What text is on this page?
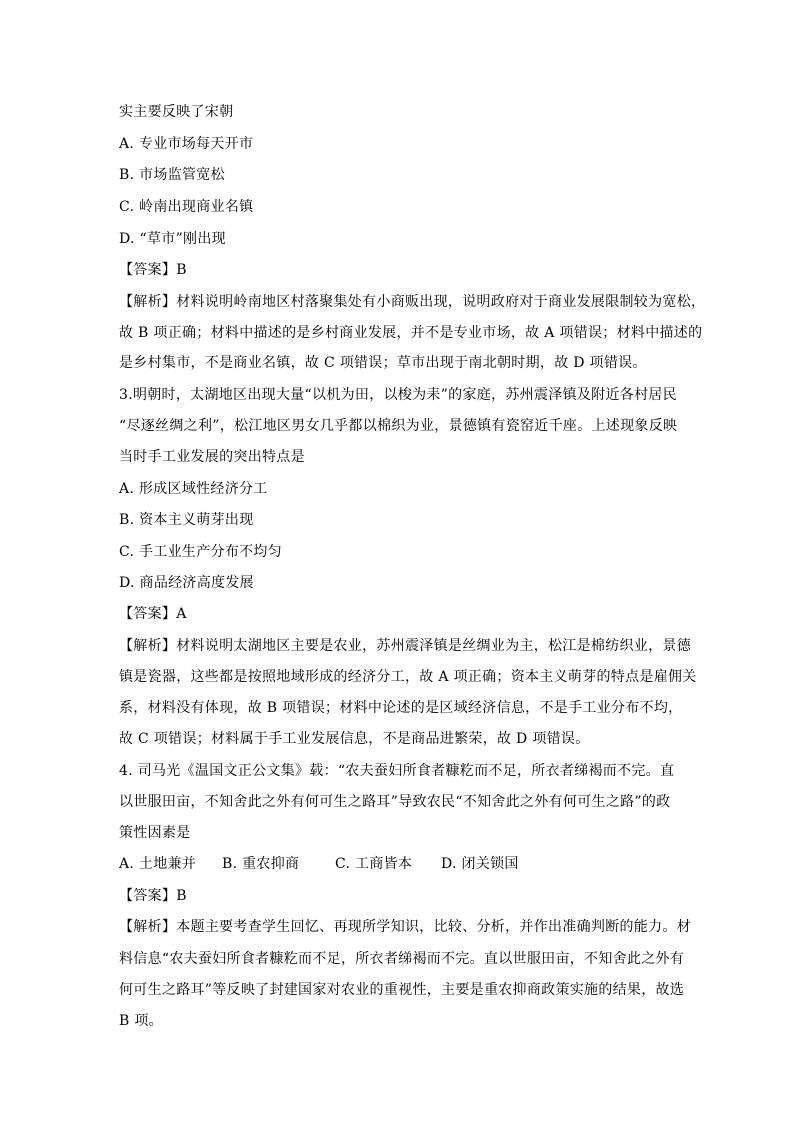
实主要反映了宋朝
A. 专业市场每天开市
B. 市场监管宽松
C. 岭南出现商业名镇
D. “草市”刚出现
【答案】B
【解析】材料说明岭南地区村落聚集处有小商贩出现，说明政府对于商业发展限制较为宽松，
故 B 项正确；材料中描述的是乡村商业发展，并不是专业市场，故 A 项错误；材料中描述的
是乡村集市，不是商业名镇，故 C 项错误；草市出现于南北朝时期，故 D 项错误。
3.明朝时，太湖地区出现大量“以机为田，以梭为耒”的家庭，苏州震泽镇及附近各村居民
“尽逐丝绸之利”，松江地区男女几乎都以棉织为业，景德镇有瓷窑近千座。上述现象反映
当时手工业发展的突出特点是
A. 形成区域性经济分工
B. 资本主义萌芽出现
C. 手工业生产分布不均匀
D. 商品经济高度发展
【答案】A
【解析】材料说明太湖地区主要是农业，苏州震泽镇是丝绸业为主，松江是棉纺织业，景德
镇是瓷器，这些都是按照地域形成的经济分工，故 A 项正确；资本主义萌芽的特点是雇佣关
系，材料没有体现，故 B 项错误；材料中论述的是区域经济信息，不是手工业分布不均，
故 C 项错误；材料属于手工业发展信息，不是商品进繁荣，故 D 项错误。
4. 司马光《温国文正公文集》载：“农夫蚕妇所食者糠籺而不足，所衣者绨褐而不完。直
以世服田亩，不知舍此之外有何可生之路耳”导致农民“不知舍此之外有何可生之路”的政
策性因素是
A. 土地兼并 B. 重农抑商	C. 工商皆本 D. 闭关锁国
【答案】B
【解析】本题主要考查学生回忆、再现所学知识，比较、分析，并作出准确判断的能力。材
料信息“农夫蚕妇所食者糠籺而不足，所衣者绨褐而不完。直以世服田亩，不知舍此之外有
何可生之路耳”等反映了封建国家对农业的重视性，主要是重农抑商政策实施的结果，故选
B 项。
